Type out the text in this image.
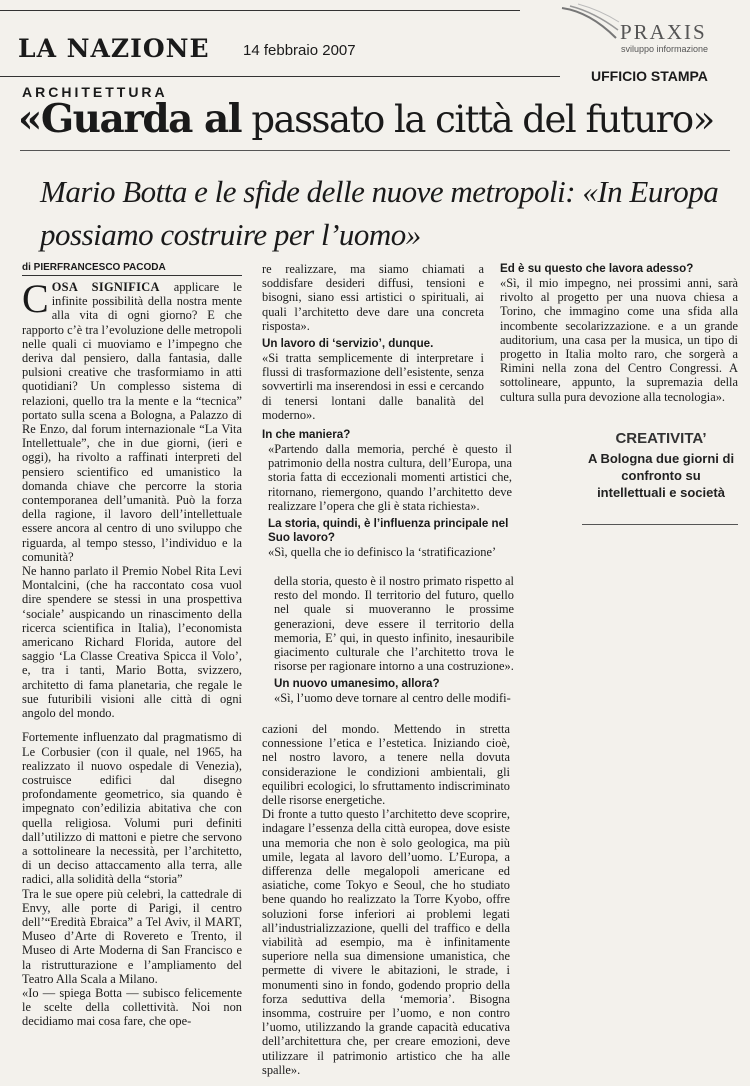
LA NAZIONE 14 febbraio 2007
PRAXIS
sviluppo informazione
UFFICIO STAMPA
ARCHITETTURA
«Guarda al passato la città del futuro»
Mario Botta e le sfide delle nuove metropoli: «In Europa possiamo costruire per l’uomo»
di PIERFRANCESCO PACODA

COSA SIGNIFICA applicare le infinite possibilità della nostra mente alla vita di ogni giorno? E che rapporto c’è tra l’evoluzione delle metropoli nelle quali ci muoviamo e l’impegno che deriva dal pensiero, dalla fantasia, dalle pulsioni creative che trasformiamo in atti quotidiani? Un complesso sistema di relazioni, quello tra la mente e la “tecnica” portato sulla scena a Bologna, a Palazzo di Re Enzo, dal forum internazionale “La Vita Intellettuale”, che in due giorni, (ieri e oggi), ha rivolto a raffinati interpreti del pensiero scientifico ed umanistico la domanda chiave che percorre la storia contemporanea dell’umanità. Può la forza della ragione, il lavoro dell’intellettuale essere ancora al centro di uno sviluppo che riguarda, al tempo stesso, l’individuo e la comunità?

Ne hanno parlato il Premio Nobel Rita Levi Montalcini, (che ha raccontato cosa vuol dire spendere se stessi in una prospettiva ‘sociale’ auspicando un rinascimento della ricerca scientifica in Italia), l’economista americano Richard Florida, autore del saggio ‘La Classe Creativa Spicca il Volo’, e, tra i tanti, Mario Botta, svizzero, architetto di fama planetaria, che regale le sue futuribili visioni alle città di ogni angolo del mondo.

Fortemente influenzato dal pragmatismo di Le Corbusier (con il quale, nel 1965, ha realizzato il nuovo ospedale di Venezia), costruisce edifici dal disegno profondamente geometrico, sia quando è impegnato con’edilizia abitativa che con quella religiosa. Volumi puri definiti dall’utilizzo di mattoni e pietre che servono a sottolineare la necessità, per l’architetto, di un deciso attaccamento alla terra, alle radici, alla solidità della “storia”

Tra le sue opere più celebri, la cattedrale di Envy, alle porte di Parigi, il centro dell’“Eredità Ebraica” a Tel Aviv, il MART, Museo d’Arte di Rovereto e Trento, il Museo di Arte Moderna di San Francisco e la ristrutturazione e l’ampliamento del Teatro Alla Scala a Milano.

«Io — spiega Botta — subisco felicemente le scelte della collettività. Noi non decidiamo mai cosa fare, che ope-

re realizzare, ma siamo chiamati a soddisfare desideri diffusi, tensioni e bisogni, siano essi artistici o spirituali, ai quali l’architetto deve dare una concreta risposta».

Un lavoro di ‘servizio’, dunque.

«Si tratta semplicemente di interpretare i flussi di trasformazione dell’esistente, senza sovvertirli ma inserendosi in essi e cercando di tenersi lontani dalle banalità del moderno».

In che maniera?

«Partendo dalla memoria, perché è questo il patrimonio della nostra cultura, dell’Europa, una storia fatta di eccezionali momenti artistici che, ritornano, riemergono, quando l’architetto deve realizzare l’opera che gli è stata richiesta».

La storia, quindi, è l’influenza principale nel Suo lavoro?

«Sì, quella che io definisco la ‘stratificazione’

della storia, questo è il nostro primato rispetto al resto del mondo. Il territorio del futuro, quello nel quale si muoveranno le prossime generazioni, deve essere il territorio della memoria, E’ qui, in questo infinito, inesauribile giacimento culturale che l’architetto trova le risorse per ragionare intorno a una costruzione».

Un nuovo umanesimo, allora?

«Sì, l’uomo deve tornare al centro delle modifi-

cazioni del mondo. Mettendo in stretta connessione l’etica e l’estetica. Iniziando cioè, nel nostro lavoro, a tenere nella dovuta considerazione le condizioni ambientali, gli equilibri ecologici, lo sfruttamento indiscriminato delle risorse energetiche.

Di fronte a tutto questo l’architetto deve scoprire, indagare l’essenza della città europea, dove esiste una memoria che non è solo geologica, ma più umile, legata al lavoro dell’uomo. L’Europa, a differenza delle megalopoli americane ed asiatiche, come Tokyo e Seoul, che ho studiato bene quando ho realizzato la Torre Kyobo, offre soluzioni forse inferiori ai problemi legati all’industrializzazione, quelli del traffico e della viabilità ad esempio, ma è infinitamente superiore nella sua dimensione umanistica, che permette di vivere le abitazioni, le strade, i monumenti sino in fondo, godendo proprio della forza seduttiva della ‘memoria’. Bisogna insomma, costruire per l’uomo, e non contro l’uomo, utilizzando la grande capacità educativa dell’architettura che, per creare emozioni, deve utilizzare il patrimonio artistico che ha alle spalle».

Ed è su questo che lavora adesso?

«Sì, il mio impegno, nei prossimi anni, sarà rivolto al progetto per una nuova chiesa a Torino, che immagino come una sfida alla incombente secolarizzazione. e a un grande auditorium, una casa per la musica, un tipo di progetto in Italia molto raro, che sorgerà a Rimini nella zona del Centro Congressi. A sottolineare, appunto, la supremazia della cultura sulla pura devozione alla tecnologia».

CREATIVITA’
A Bologna due giorni di confronto su intellettuali e società
